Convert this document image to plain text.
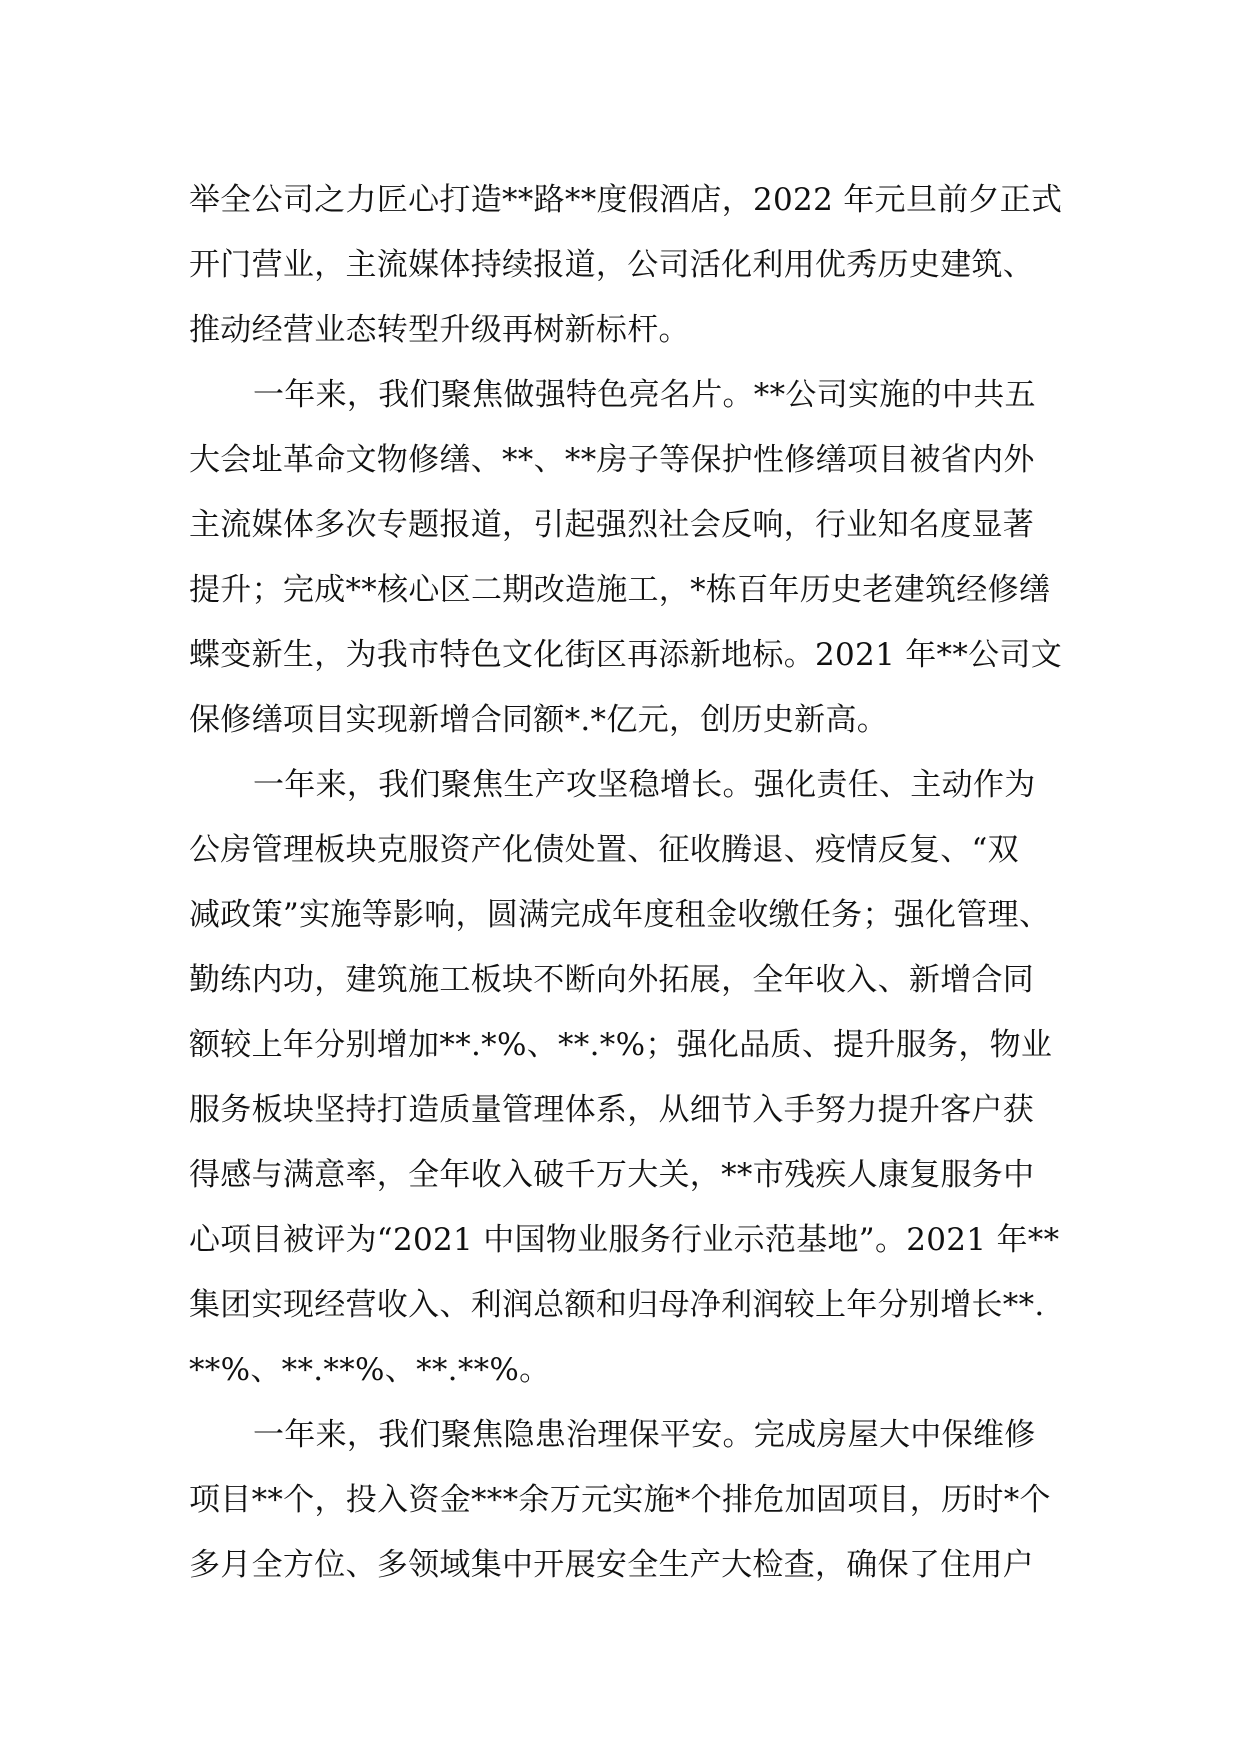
举全公司之力匠心打造**路**度假酒店，2022 年元旦前夕正式
开门营业，主流媒体持续报道，公司活化利用优秀历史建筑、
推动经营业态转型升级再树新标杆。
一年来，我们聚焦做强特色亮名片。**公司实施的中共五
大会址革命文物修缮、**、**房子等保护性修缮项目被省内外
主流媒体多次专题报道，引起强烈社会反响，行业知名度显著
提升；完成**核心区二期改造施工，*栋百年历史老建筑经修缮
蝶变新生，为我市特色文化街区再添新地标。2021 年**公司文
保修缮项目实现新增合同额*.*亿元，创历史新高。
一年来，我们聚焦生产攻坚稳增长。强化责任、主动作为
公房管理板块克服资产化债处置、征收腾退、疫情反复、“双
减政策”实施等影响，圆满完成年度租金收缴任务；强化管理、
勤练内功，建筑施工板块不断向外拓展，全年收入、新增合同
额较上年分别增加**.*%、**.*%；强化品质、提升服务，物业
服务板块坚持打造质量管理体系，从细节入手努力提升客户获
得感与满意率，全年收入破千万大关，**市残疾人康复服务中
心项目被评为“2021 中国物业服务行业示范基地”。2021 年**
集团实现经营收入、利润总额和归母净利润较上年分别增长**.
**%、**.**%、**.**%。
一年来，我们聚焦隐患治理保平安。完成房屋大中保维修
项目**个，投入资金***余万元实施*个排危加固项目，历时*个
多月全方位、多领域集中开展安全生产大检查，确保了住用户
